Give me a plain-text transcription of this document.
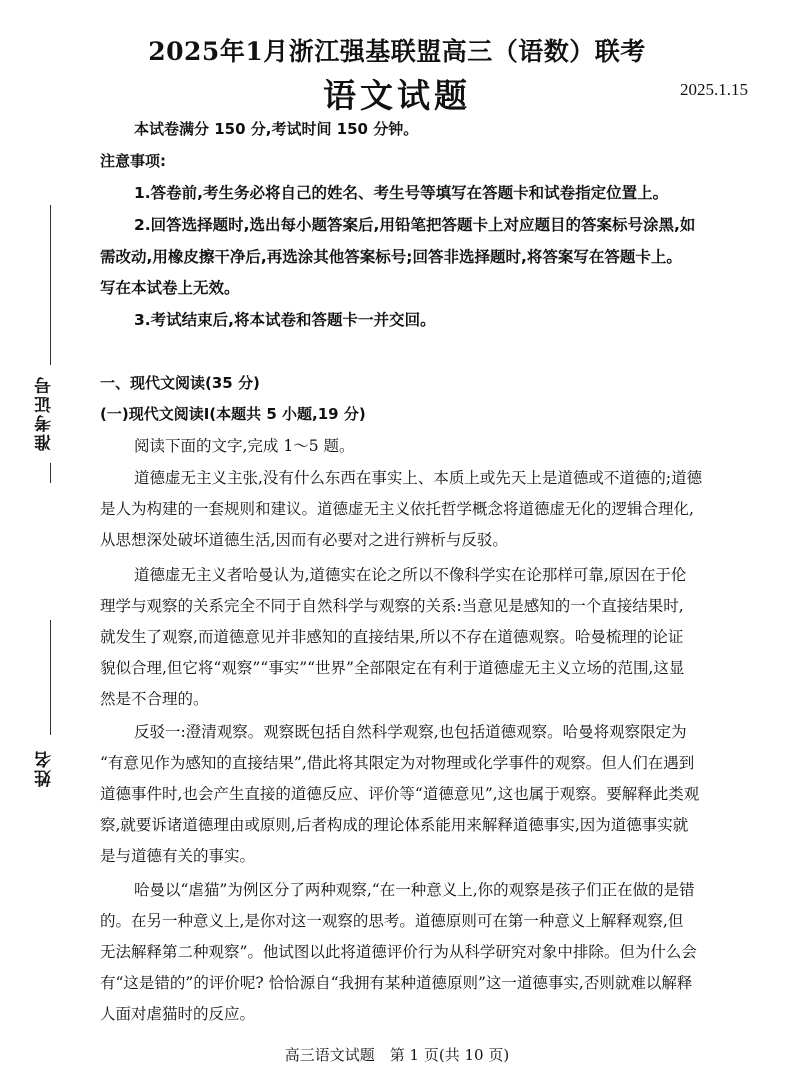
准考证号
姓名
2025年1月浙江强基联盟高三（语数）联考
语文试题	2025.1.15
本试卷满分 150 分,考试时间 150 分钟。
注意事项:
1.答卷前,考生务必将自己的姓名、考生号等填写在答题卡和试卷指定位置上。
2.回答选择题时,选出每小题答案后,用铅笔把答题卡上对应题目的答案标号涂黑,如
需改动,用橡皮擦干净后,再选涂其他答案标号;回答非选择题时,将答案写在答题卡上。
写在本试卷上无效。
3.考试结束后,将本试卷和答题卡一并交回。
一、现代文阅读(35 分)
(一)现代文阅读Ⅰ(本题共 5 小题,19 分)
阅读下面的文字,完成 1～5 题。
道德虚无主义主张,没有什么东西在事实上、本质上或先天上是道德或不道德的;道德
是人为构建的一套规则和建议。道德虚无主义依托哲学概念将道德虚无化的逻辑合理化,
从思想深处破坏道德生活,因而有必要对之进行辨析与反驳。
道德虚无主义者哈曼认为,道德实在论之所以不像科学实在论那样可靠,原因在于伦
理学与观察的关系完全不同于自然科学与观察的关系:当意见是感知的一个直接结果时,
就发生了观察,而道德意见并非感知的直接结果,所以不存在道德观察。哈曼梳理的论证
貌似合理,但它将“观察”“事实”“世界”全部限定在有利于道德虚无主义立场的范围,这显
然是不合理的。
反驳一:澄清观察。观察既包括自然科学观察,也包括道德观察。哈曼将观察限定为
“有意见作为感知的直接结果”,借此将其限定为对物理或化学事件的观察。但人们在遇到
道德事件时,也会产生直接的道德反应、评价等“道德意见”,这也属于观察。要解释此类观
察,就要诉诸道德理由或原则,后者构成的理论体系能用来解释道德事实,因为道德事实就
是与道德有关的事实。
哈曼以“虐猫”为例区分了两种观察,“在一种意义上,你的观察是孩子们正在做的是错
的。在另一种意义上,是你对这一观察的思考。道德原则可在第一种意义上解释观察,但
无法解释第二种观察”。他试图以此将道德评价行为从科学研究对象中排除。但为什么会
有“这是错的”的评价呢? 恰恰源自“我拥有某种道德原则”这一道德事实,否则就难以解释
人面对虐猫时的反应。
高三语文试题　第 1 页(共 10 页)
